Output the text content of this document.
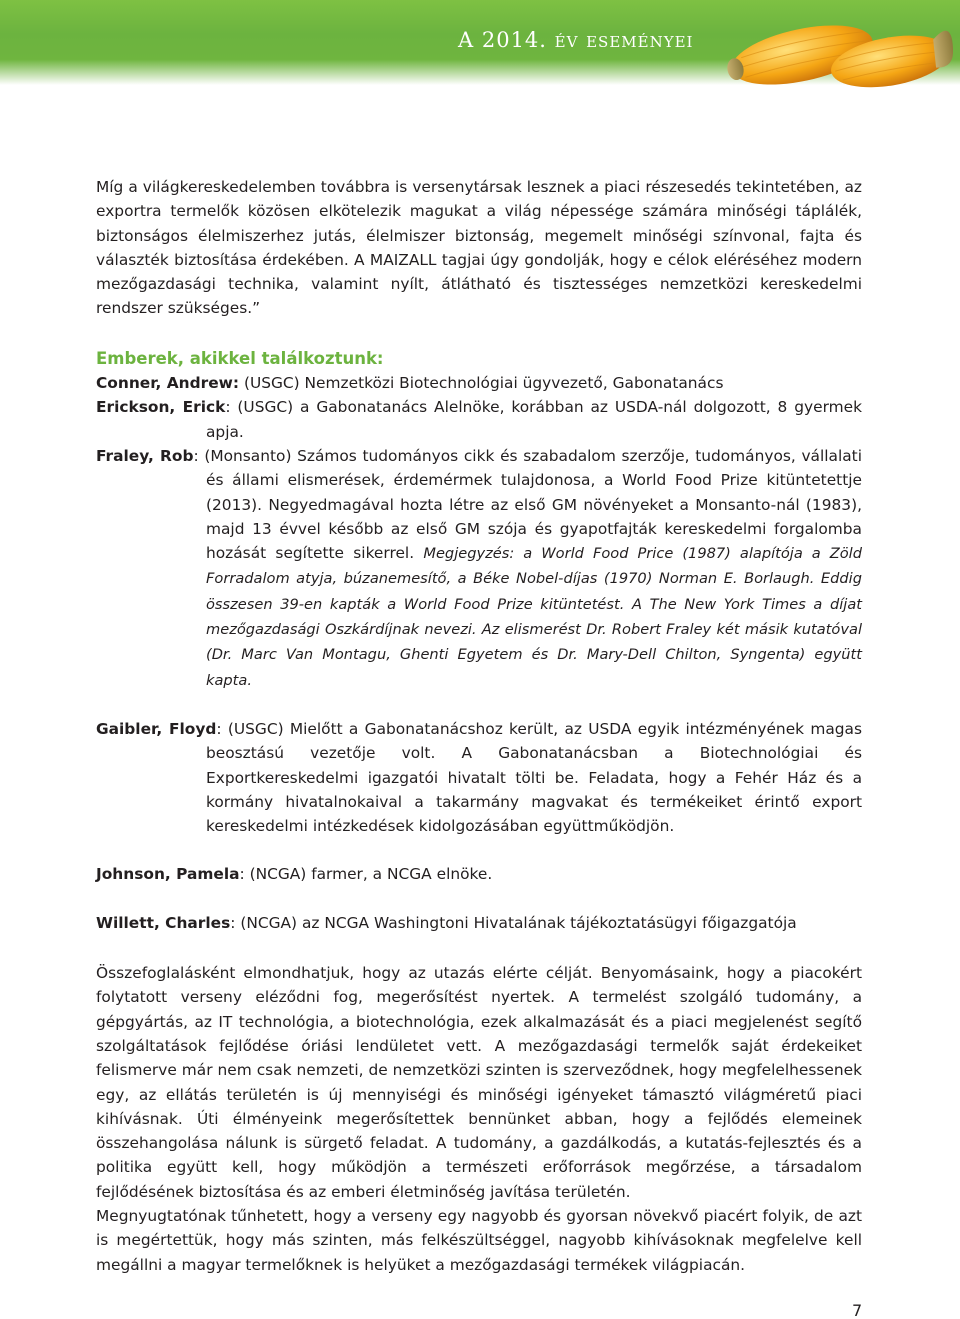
A 2014. év eseményei

Míg a világkereskedelemben továbbra is versenytársak lesznek a piaci részesedés tekintetében, az exportra termelők közösen elkötelezik magukat a világ népessége számára minőségi táplálék, biztonságos élelmiszerhez jutás, élelmiszer biztonság, megemelt minőségi színvonal, fajta és választék biztosítása érdekében. A MAIZALL tagjai úgy gondolják, hogy e célok eléréséhez modern mezőgazdasági technika, valamint nyílt, átlátható és tisztességes nemzetközi kereskedelmi rendszer szükséges.”

Emberek, akikkel találkoztunk:

Conner, Andrew: (USGC) Nemzetközi Biotechnológiai ügyvezető, Gabonatanács

Erickson, Erick: (USGC) a Gabonatanács Alelnöke, korábban az USDA-nál dolgozott, 8 gyermek apja.

Fraley, Rob: (Monsanto) Számos tudományos cikk és szabadalom szerzője, tudományos, vállalati és állami elismerések, érdemérmek tulajdonosa, a World Food Prize kitüntetettje (2013). Negyedmagával hozta létre az első GM növényeket a Monsanto-nál (1983), majd 13 évvel később az első GM szója és gyapotfajták kereskedelmi forgalomba hozását segítette sikerrel. Megjegyzés: a World Food Price (1987) alapítója a Zöld Forradalom atyja, búzanemesítő, a Béke Nobel-díjas (1970) Norman E. Borlaugh. Eddig összesen 39-en kapták a World Food Prize kitüntetést. A The New York Times a díjat mezőgazdasági Oszkárdíjnak nevezi. Az elismerést Dr. Robert Fraley két másik kutatóval (Dr. Marc Van Montagu, Ghenti Egyetem és Dr. Mary-Dell Chilton, Syngenta) együtt kapta.

Gaibler, Floyd: (USGC) Mielőtt a Gabonatanácshoz került, az USDA egyik intézményének magas beosztású vezetője volt. A Gabonatanácsban a Biotechnológiai és Exportkereskedelmi igazgatói hivatalt tölti be. Feladata, hogy a Fehér Ház és a kormány hivatalnokaival a takarmány magvakat és termékeiket érintő export kereskedelmi intézkedések kidolgozásában együttműködjön.

Johnson, Pamela: (NCGA) farmer, a NCGA elnöke.

Willett, Charles: (NCGA) az NCGA Washingtoni Hivatalának tájékoztatásügyi főigazgatója

Összefoglalásként elmondhatjuk, hogy az utazás elérte célját. Benyomásaink, hogy a piacokért folytatott verseny eléződni fog, megerősítést nyertek. A termelést szolgáló tudomány, a gépgyártás, az IT technológia, a biotechnológia, ezek alkalmazását és a piaci megjelenést segítő szolgáltatások fejlődése óriási lendületet vett. A mezőgazdasági termelők saját érdekeiket felismerve már nem csak nemzeti, de nemzetközi szinten is szerveződnek, hogy megfelelhessenek egy, az ellátás területén is új mennyiségi és minőségi igényeket támasztó világméretű piaci kihívásnak. Úti élményeink megerősítettek bennünket abban, hogy a fejlődés elemeinek összehangolása nálunk is sürgető feladat. A tudomány, a gazdálkodás, a kutatás-fejlesztés és a politika együtt kell, hogy működjön a természeti erőforrások megőrzése, a társadalom fejlődésének biztosítása és az emberi életminőség javítása területén.

Megnyugtatónak tűnhetett, hogy a verseny egy nagyobb és gyorsan növekvő piacért folyik, de azt is megértettük, hogy más szinten, más felkészültséggel, nagyobb kihívásoknak megfelelve kell megállni a magyar termelőknek is helyüket a mezőgazdasági termékek világpiacán.

7
